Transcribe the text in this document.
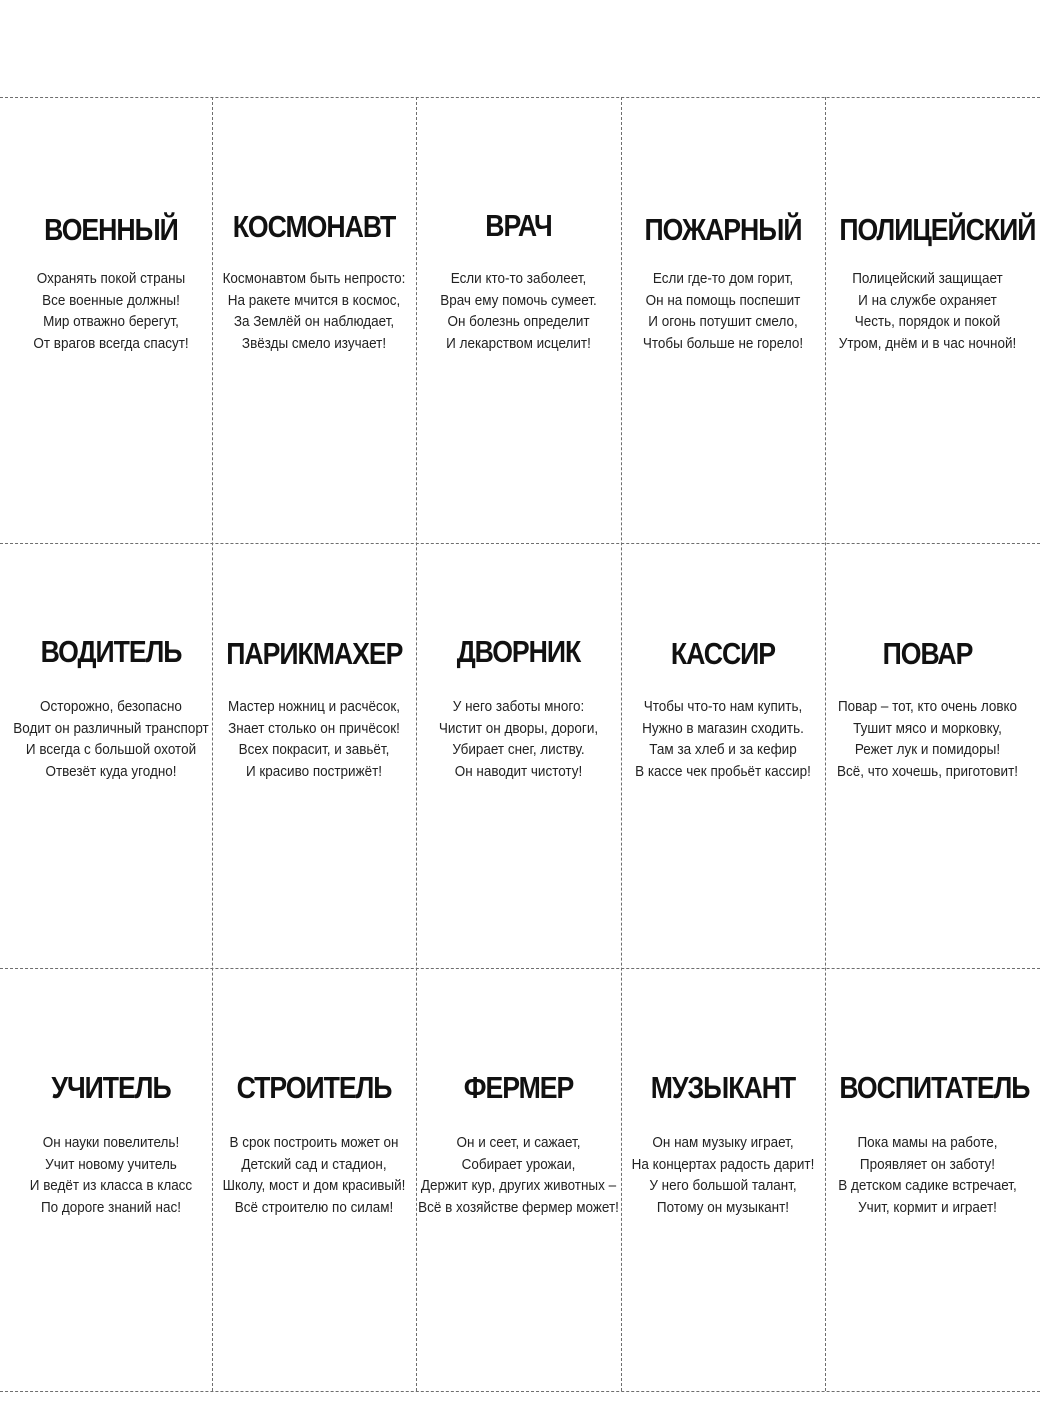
ВОЕННЫЙ
Охранять покой страны
Все военные должны!
Мир отважно берегут,
От врагов всегда спасут!
КОСМОНАВТ
Космонавтом быть непросто:
На ракете мчится в космос,
За Землёй он наблюдает,
Звёзды смело изучает!
ВРАЧ
Если кто-то заболеет,
Врач ему помочь сумеет.
Он болезнь определит
И лекарством исцелит!
ПОЖАРНЫЙ
Если где-то дом горит,
Он на помощь поспешит
И огонь потушит смело,
Чтобы больше не горело!
ПОЛИЦЕЙСКИЙ
Полицейский защищает
И на службе охраняет
Честь, порядок и покой
Утром, днём и в час ночной!
ВОДИТЕЛЬ
Осторожно, безопасно
Водит он различный транспорт
И всегда с большой охотой
Отвезёт куда угодно!
ПАРИКМАХЕР
Мастер ножниц и расчёсок,
Знает столько он причёсок!
Всех покрасит, и завьёт,
И красиво пострижёт!
ДВОРНИК
У него заботы много:
Чистит он дворы, дороги,
Убирает снег, листву.
Он наводит чистоту!
КАССИР
Чтобы что-то нам купить,
Нужно в магазин сходить.
Там за хлеб и за кефир
В кассе чек пробьёт кассир!
ПОВАР
Повар – тот, кто очень ловко
Тушит мясо и морковку,
Режет лук и помидоры!
Всё, что хочешь, приготовит!
УЧИТЕЛЬ
Он науки повелитель!
Учит новому учитель
И ведёт из класса в класс
По дороге знаний нас!
СТРОИТЕЛЬ
В срок построить может он
Детский сад и стадион,
Школу, мост и дом красивый!
Всё строителю по силам!
ФЕРМЕР
Он и сеет, и сажает,
Собирает урожаи,
Держит кур, других животных –
Всё в хозяйстве фермер может!
МУЗЫКАНТ
Он нам музыку играет,
На концертах радость дарит!
У него большой талант,
Потому он музыкант!
ВОСПИТАТЕЛЬ
Пока мамы на работе,
Проявляет он заботу!
В детском садике встречает,
Учит, кормит и играет!
